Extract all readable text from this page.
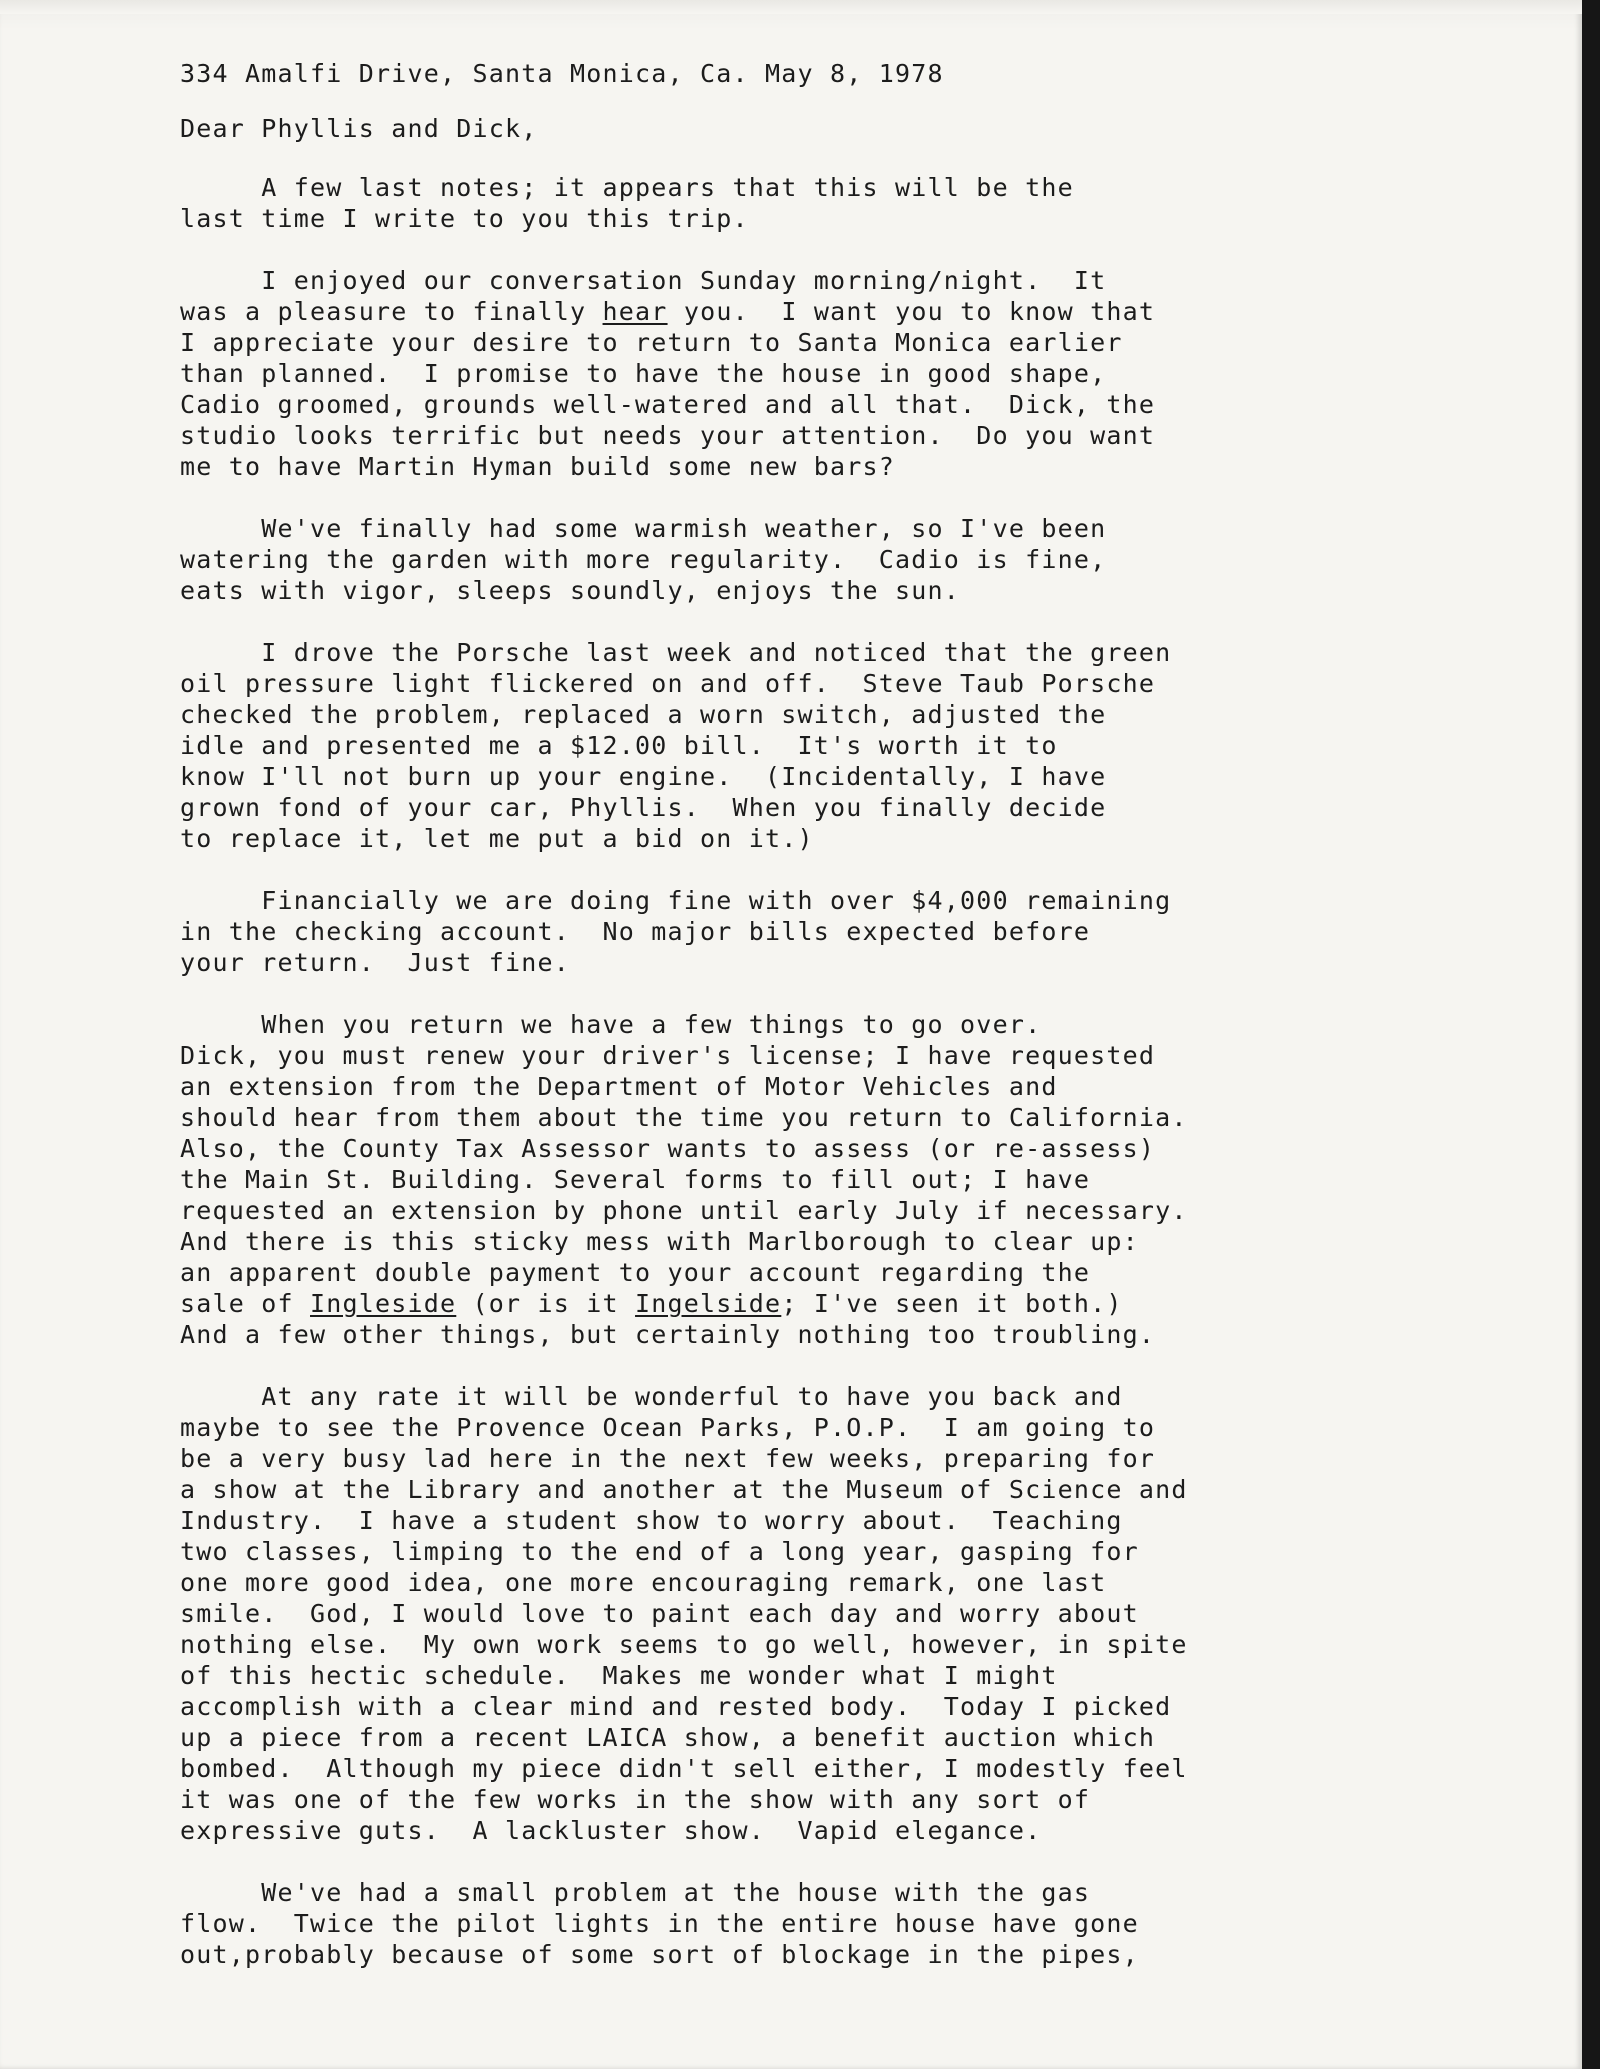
334 Amalfi Drive, Santa Monica, Ca. May 8, 1978
Dear Phyllis and Dick,
A few last notes; it appears that this will be the
last time I write to you this trip.
I enjoyed our conversation Sunday morning/night.  It
was a pleasure to finally hear you.  I want you to know that
I appreciate your desire to return to Santa Monica earlier
than planned.  I promise to have the house in good shape,
Cadio groomed, grounds well-watered and all that.  Dick, the
studio looks terrific but needs your attention.  Do you want
me to have Martin Hyman build some new bars?
We've finally had some warmish weather, so I've been
watering the garden with more regularity.  Cadio is fine,
eats with vigor, sleeps soundly, enjoys the sun.
I drove the Porsche last week and noticed that the green
oil pressure light flickered on and off.  Steve Taub Porsche
checked the problem, replaced a worn switch, adjusted the
idle and presented me a $12.00 bill.  It's worth it to
know I'll not burn up your engine.  (Incidentally, I have
grown fond of your car, Phyllis.  When you finally decide
to replace it, let me put a bid on it.)
Financially we are doing fine with over $4,000 remaining
in the checking account.  No major bills expected before
your return.  Just fine.
When you return we have a few things to go over.
Dick, you must renew your driver's license; I have requested
an extension from the Department of Motor Vehicles and
should hear from them about the time you return to California.
Also, the County Tax Assessor wants to assess (or re-assess)
the Main St. Building. Several forms to fill out; I have
requested an extension by phone until early July if necessary.
And there is this sticky mess with Marlborough to clear up:
an apparent double payment to your account regarding the
sale of Ingleside (or is it Ingelside; I've seen it both.)
And a few other things, but certainly nothing too troubling.
At any rate it will be wonderful to have you back and
maybe to see the Provence Ocean Parks, P.O.P.  I am going to
be a very busy lad here in the next few weeks, preparing for
a show at the Library and another at the Museum of Science and
Industry.  I have a student show to worry about.  Teaching
two classes, limping to the end of a long year, gasping for
one more good idea, one more encouraging remark, one last
smile.  God, I would love to paint each day and worry about
nothing else.  My own work seems to go well, however, in spite
of this hectic schedule.  Makes me wonder what I might
accomplish with a clear mind and rested body.  Today I picked
up a piece from a recent LAICA show, a benefit auction which
bombed.  Although my piece didn't sell either, I modestly feel
it was one of the few works in the show with any sort of
expressive guts.  A lackluster show.  Vapid elegance.
We've had a small problem at the house with the gas
flow.  Twice the pilot lights in the entire house have gone
out,probably because of some sort of blockage in the pipes,
